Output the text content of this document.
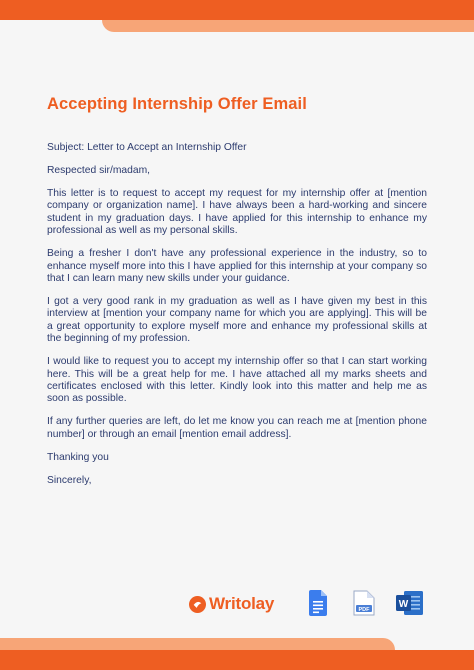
Accepting Internship Offer Email

Subject: Letter to Accept an Internship Offer

Respected sir/madam,

This letter is to request to accept my request for my internship offer at [mention company or organization name]. I have always been a hard-working and sincere student in my graduation days. I have applied for this internship to enhance my professional as well as my personal skills.

Being a fresher I don't have any professional experience in the industry, so to enhance myself more into this I have applied for this internship at your company so that I can learn many new skills under your guidance.

I got a very good rank in my graduation as well as I have given my best in this interview at [mention your company name for which you are applying]. This will be a great opportunity to explore myself more and enhance my professional skills at the beginning of my profession.

I would like to request you to accept my internship offer so that I can start working here. This will be a great help for me. I have attached all my marks sheets and certificates enclosed with this letter. Kindly look into this matter and help me as soon as possible.

If any further queries are left, do let me know you can reach me at [mention phone number] or through an email [mention email address].

Thanking you

Sincerely,

Writolay	PDF	W
